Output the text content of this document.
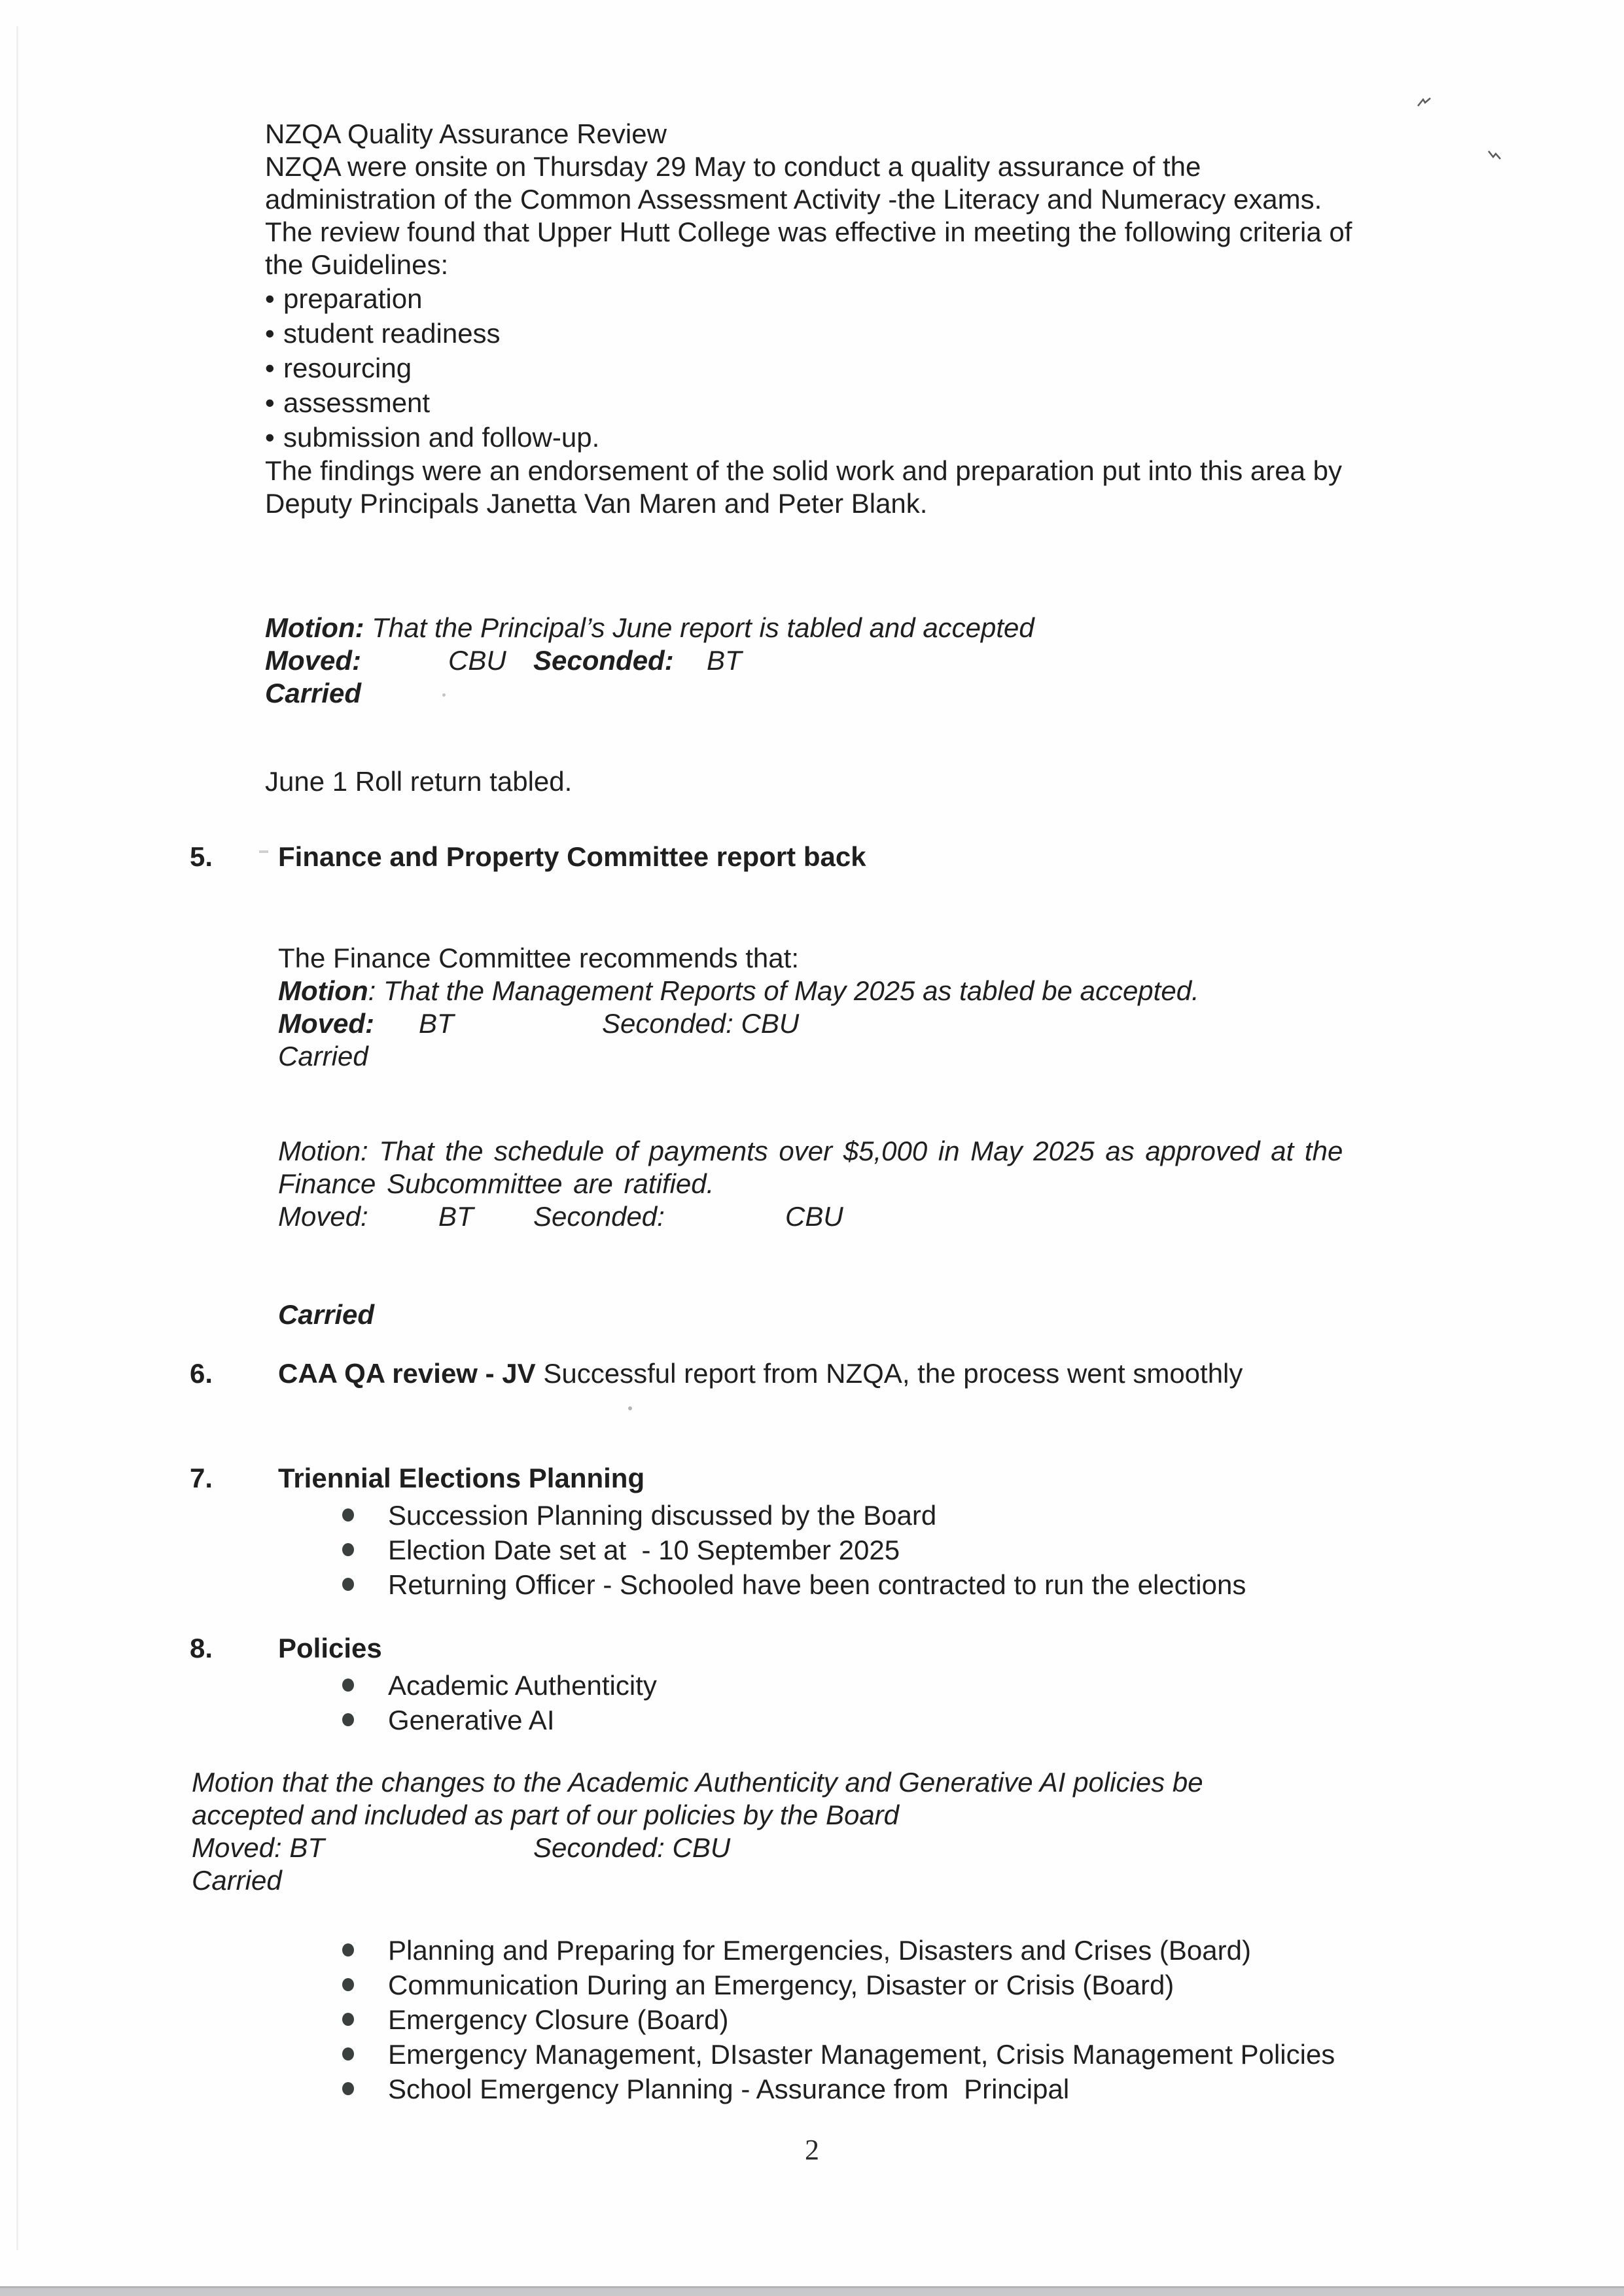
NZQA Quality Assurance Review
NZQA were onsite on Thursday 29 May to conduct a quality assurance of the administration of the Common Assessment Activity -the Literacy and Numeracy exams. The review found that Upper Hutt College was effective in meeting the following criteria of the Guidelines:
• preparation
• student readiness
• resourcing
• assessment
• submission and follow-up.
The findings were an endorsement of the solid work and preparation put into this area by Deputy Principals Janetta Van Maren and Peter Blank.
Motion: That the Principal’s June report is tabled and accepted
Moved:	CBU Seconded: BT
Carried
June 1 Roll return tabled.
5. Finance and Property Committee report back
The Finance Committee recommends that:
Motion: That the Management Reports of May 2025 as tabled be accepted.
Moved: BT	Seconded: CBU
Carried
Motion: That the schedule of payments over $5,000 in May 2025 as approved at the Finance Subcommittee are ratified.
Moved:	BT Seconded:	CBU
Carried
6. CAA QA review - JV Successful report from NZQA, the process went smoothly
7. Triennial Elections Planning
Succession Planning discussed by the Board
Election Date set at  - 10 September 2025
Returning Officer - Schooled have been contracted to run the elections
8. Policies
Academic Authenticity
Generative AI
Motion that the changes to the Academic Authenticity and Generative AI policies be accepted and included as part of our policies by the Board
Moved: BT	Seconded: CBU
Carried
Planning and Preparing for Emergencies, Disasters and Crises (Board)
Communication During an Emergency, Disaster or Crisis (Board)
Emergency Closure (Board)
Emergency Management, DIsaster Management, Crisis Management Policies
School Emergency Planning - Assurance from  Principal
2
